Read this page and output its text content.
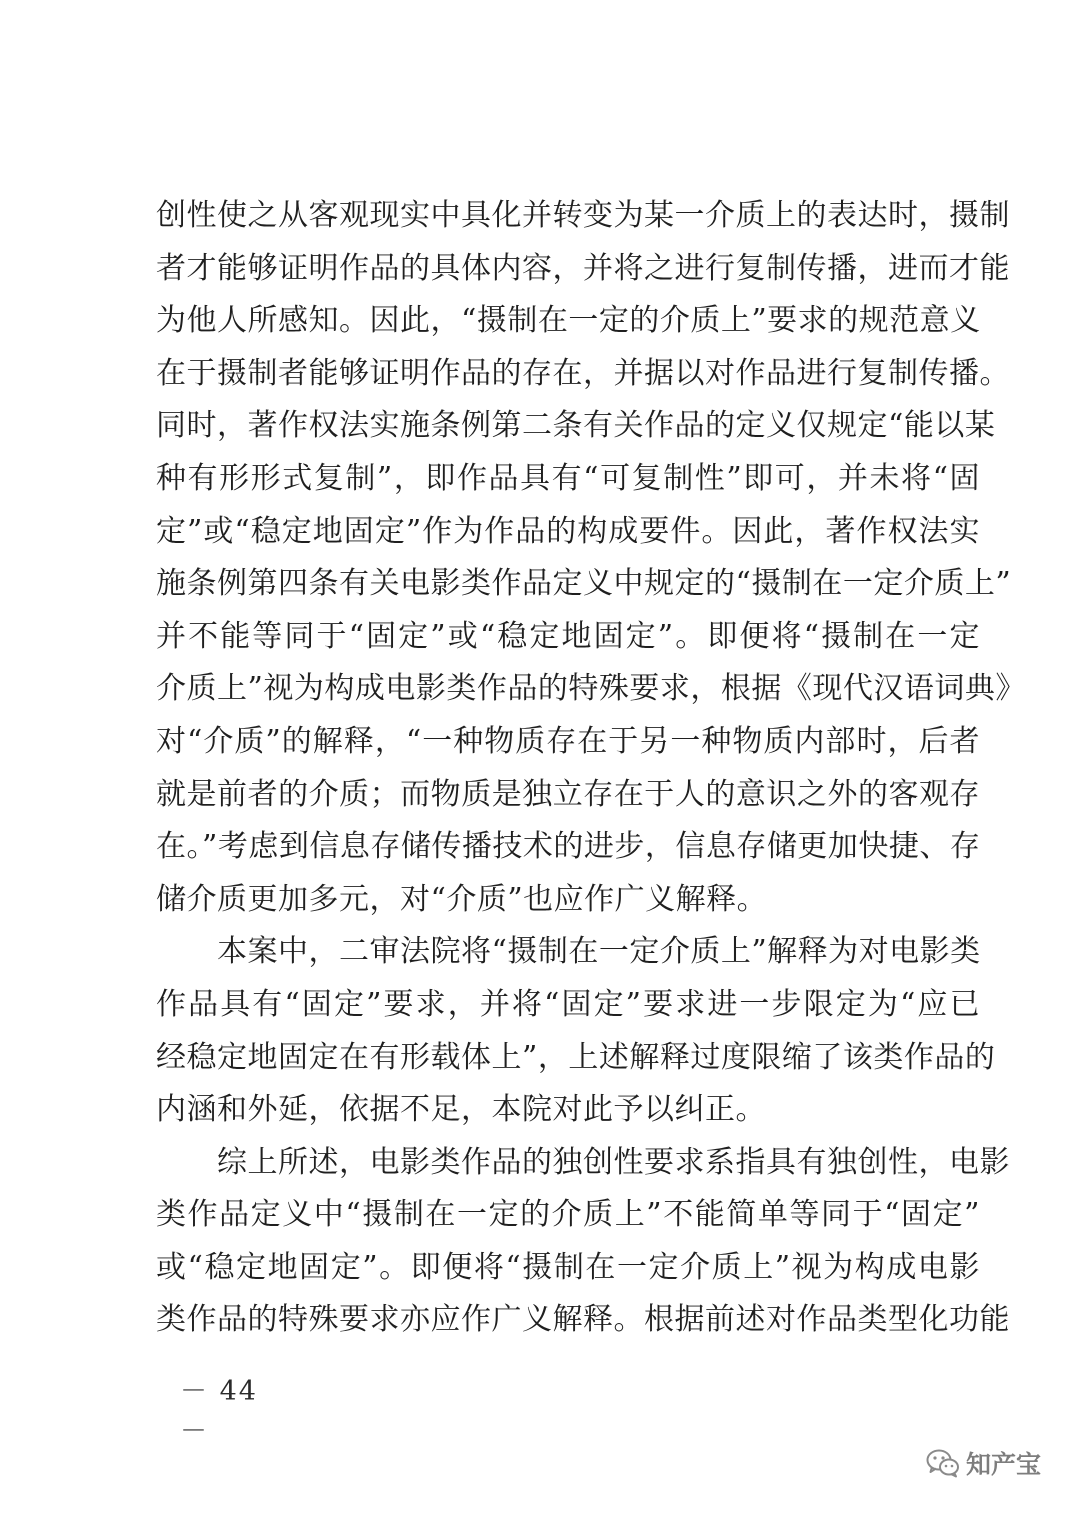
创性使之从客观现实中具化并转变为某一介质上的表达时，摄制
者才能够证明作品的具体内容，并将之进行复制传播，进而才能
为他人所感知。因此，“摄制在一定的介质上”要求的规范意义
在于摄制者能够证明作品的存在，并据以对作品进行复制传播。
同时，著作权法实施条例第二条有关作品的定义仅规定“能以某
种有形形式复制”，即作品具有“可复制性”即可，并未将“固
定”或“稳定地固定”作为作品的构成要件。因此，著作权法实
施条例第四条有关电影类作品定义中规定的“摄制在一定介质上”
并不能等同于“固定”或“稳定地固定”。即便将“摄制在一定
介质上”视为构成电影类作品的特殊要求，根据《现代汉语词典》
对“介质”的解释，“一种物质存在于另一种物质内部时，后者
就是前者的介质；而物质是独立存在于人的意识之外的客观存
在。”考虑到信息存储传播技术的进步，信息存储更加快捷、存
储介质更加多元，对“介质”也应作广义解释。
　　本案中，二审法院将“摄制在一定介质上”解释为对电影类
作品具有“固定”要求，并将“固定”要求进一步限定为“应已
经稳定地固定在有形载体上”，上述解释过度限缩了该类作品的
内涵和外延，依据不足，本院对此予以纠正。
　　综上所述，电影类作品的独创性要求系指具有独创性，电影
类作品定义中“摄制在一定的介质上”不能简单等同于“固定”
或“稳定地固定”。即便将“摄制在一定介质上”视为构成电影
类作品的特殊要求亦应作广义解释。根据前述对作品类型化功能
－ 44 －
知产宝
